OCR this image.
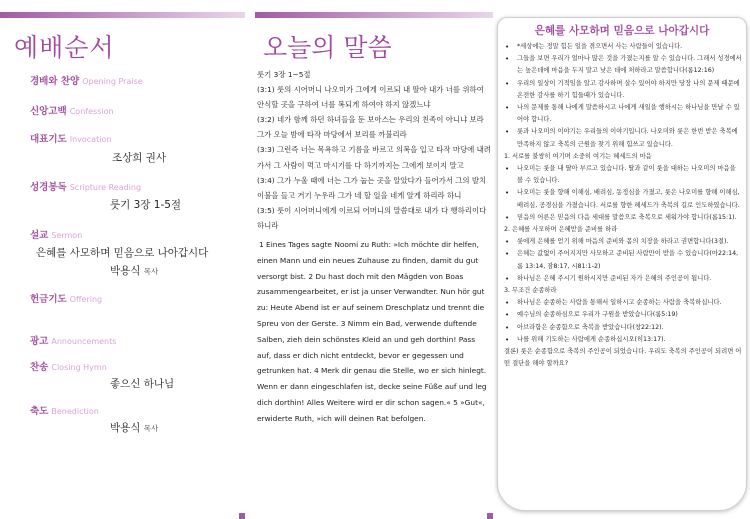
예배순서
경배와 찬양 Opening Praise
신앙고백 Confession
대표기도 Invocation
조상희 권사
성경봉독 Scripture Reading
룻기 3장 1-5절
설교 Sermon
은혜를 사모하며 믿음으로 나아갑시다
박용식 목사
헌금기도 Offering
광고 Announcements
찬송 Closing Hymn
좋으신 하나님
축도 Benediction
박용식 목사
오늘의 말씀

룻기 3장 1~5절

(3:1) 룻의 시어머니 나오미가 그에게 이르되 내 딸아 내가 너를 위하여 안식할 곳을 구하여 너를 복되게 하여야 하지 않겠느냐

(3:2) 네가 함께 하던 하녀들을 둔 보아스는 우리의 친족이 아니냐 보라 그가 오늘 밤에 타작 마당에서 보리를 까불리라

(3:3) 그런즉 너는 목욕하고 기름을 바르고 의복을 입고 타작 마당에 내려가서 그 사람이 먹고 마시기를 다 하기까지는 그에게 보이지 말고

(3:4) 그가 누울 때에 너는 그가 눕는 곳을 알았다가 들어가서 그의 발치 이불을 들고 거기 누우라 그가 네 할 일을 네게 알게 하리라 하니

(3:5) 룻이 시어머니에게 이르되 어머니의 말씀대로 내가 다 행하리이다 하니라

1 Eines Tages sagte Noomi zu Ruth: »Ich möchte dir helfen, einen Mann und ein neues Zuhause zu finden, damit du gut versorgt bist. 2 Du hast doch mit den Mägden von Boas zusammengearbeitet, er ist ja unser Verwandter. Nun hör gut zu: Heute Abend ist er auf seinem Dreschplatz und trennt die Spreu von der Gerste. 3 Nimm ein Bad, verwende duftende Salben, zieh dein schönstes Kleid an und geh dorthin! Pass auf, dass er dich nicht entdeckt, bevor er gegessen und getrunken hat. 4 Merk dir genau die Stelle, wo er sich hinlegt. Wenn er dann eingeschlafen ist, decke seine Füße auf und leg dich dorthin! Alles Weitere wird er dir schon sagen.« 5 »Gut«, erwiderte Ruth, »ich will deinen Rat befolgen.

은혜를 사모하며 믿음으로 나아갑시다
• *세상에는 정말 힘든 일을 겪으면서 사는 사람들이 있습니다.
• 그들을 보면 우리가 얼마나 많은 것을 가졌는지를 알 수 있습니다. 그래서 성경에서는 높은데에 마음을 두지 말고 낮은 데에 처하라고 말씀합니다(롬12:16)
• 우리의 일상이 기적임을 알고 감사하며 살수 있어야 하지만 당장 나의 문제 때문에 온전한 감사를 하기 힘들때가 있습니다.
• 나의 문제를 통해 나에게 말씀하시고 나에게 새일을 행하시는 하나님을 만날 수 있어야 합니다.
• 룻과 나오미의 이야기는 우리들의 이야기입니다. 나오미와 룻은 한번 받은 축복에 만족하지 않고 축복의 근원을 찾기 위해 힘쓰고 있습니다.
1. 서로를 불쌍히 여기며 소중히 여기는 혜세드의 마음
• 나오미는 룻을 내 딸아 부르고 있습니다. 딸과 같이 룻을 대하는 나오미의 마음을 볼 수 있습니다.
• 나오미는 룻을 향해 이해심, 배려심, 동정심을 가졌고, 룻은 나오미를 향해 이해심, 배려심, 공경심을 가졌습니다. 서로를 향한 헤세드가 축복의 길로 인도하였습니다.
• 믿음의 어른은 믿음의 다음 세대를 말씀으로 축복으로 세워가야 합니다(롬15:1).
2. 은혜를 사모하며 은혜받을 준비를 하라
• 룻에게 은혜를 얻기 위해 마음의 준비와 몸의 치장을 하라고 권면합니다(3절).
• 은혜는 값없이 주어지지만 사모하고 준비된 사람만이 받을 수 있습니다(마22:14, 롬 13:14, 잠8:17, 시81:1-2)
• 하나님은 은혜 주시기 원하시지만 준비된 자가 은혜의 주인공이 됩니다.
3. 무조건 순종하라
• 하나님은 순종하는 사람을 통해서 일하시고 순종하는 사람을 축복하십니다.
• 예수님의 순종하심으로 우리가 구원을 받았습니다(롬5:19)
• 아브라함은 순종함으로 축복을 받았습니다(창22:12).
• 나를 위해 기도하는 사람에게 순종하십시오(히13:17).
결론) 룻은 순종함으로 축복의 주인공이 되었습니다. 우리도 축복의 주인공이 되려면 어떤 결단을 해야 할까요?
